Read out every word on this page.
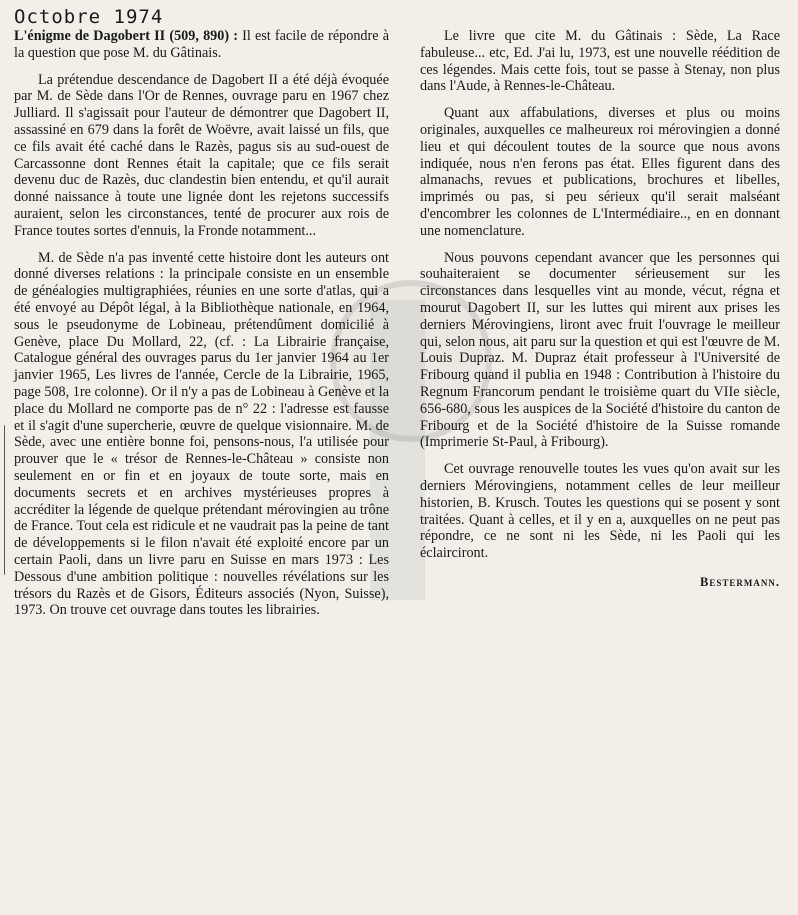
Octobre 1974

L'énigme de Dagobert II (509, 890) : Il est facile de répondre à la question que pose M. du Gâtinais.

La prétendue descendance de Dagobert II a été déjà évoquée par M. de Sède dans l'Or de Rennes, ouvrage paru en 1967 chez Julliard. Il s'agissait pour l'auteur de démontrer que Dagobert II, assassiné en 679 dans la forêt de Woëvre, avait laissé un fils, que ce fils avait été caché dans le Razès, pagus sis au sud-ouest de Carcassonne dont Rennes était la capitale; que ce fils serait devenu duc de Razès, duc clandestin bien entendu, et qu'il aurait donné naissance à toute une lignée dont les rejetons successifs auraient, selon les circonstances, tenté de procurer aux rois de France toutes sortes d'ennuis, la Fronde notamment...

M. de Sède n'a pas inventé cette histoire dont les auteurs ont donné diverses relations : la principale consiste en un ensemble de généalogies multigraphiées, réunies en une sorte d'atlas, qui a été envoyé au Dépôt légal, à la Bibliothèque nationale, en 1964, sous le pseudonyme de Lobineau, prétendûment domicilié à Genève, place Du Mollard, 22, (cf. : La Librairie française, Catalogue général des ouvrages parus du 1er janvier 1964 au 1er janvier 1965, Les livres de l'année, Cercle de la Librairie, 1965, page 508, 1re colonne). Or il n'y a pas de Lobineau à Genève et la place du Mollard ne comporte pas de n° 22 : l'adresse est fausse et il s'agit d'une supercherie, œuvre de quelque visionnaire. M. de Sède, avec une entière bonne foi, pensons-nous, l'a utilisée pour prouver que le « trésor de Rennes-le-Château » consiste non seulement en or fin et en joyaux de toute sorte, mais en documents secrets et en archives mystérieuses propres à accréditer la légende de quelque prétendant mérovingien au trône de France. Tout cela est ridicule et ne vaudrait pas la peine de tant de développements si le filon n'avait été exploité encore par un certain Paoli, dans un livre paru en Suisse en mars 1973 : Les Dessous d'une ambition politique : nouvelles révélations sur les trésors du Razès et de Gisors, Éditeurs associés (Nyon, Suisse), 1973. On trouve cet ouvrage dans toutes les librairies.

Le livre que cite M. du Gâtinais : Sède, La Race fabuleuse... etc, Ed. J'ai lu, 1973, est une nouvelle réédition de ces légendes. Mais cette fois, tout se passe à Stenay, non plus dans l'Aude, à Rennes-le-Château.

Quant aux affabulations, diverses et plus ou moins originales, auxquelles ce malheureux roi mérovingien a donné lieu et qui découlent toutes de la source que nous avons indiquée, nous n'en ferons pas état. Elles figurent dans des almanachs, revues et publications, brochures et libelles, imprimés ou pas, si peu sérieux qu'il serait malséant d'encombrer les colonnes de L'Intermédiaire.., en en donnant une nomenclature.

Nous pouvons cependant avancer que les personnes qui souhaiteraient se documenter sérieusement sur les circonstances dans lesquelles vint au monde, vécut, régna et mourut Dagobert II, sur les luttes qui mirent aux prises les derniers Mérovingiens, liront avec fruit l'ouvrage le meilleur qui, selon nous, ait paru sur la question et qui est l'œuvre de M. Louis Dupraz. M. Dupraz était professeur à l'Université de Fribourg quand il publia en 1948 : Contribution à l'histoire du Regnum Francorum pendant le troisième quart du VIIe siècle, 656-680, sous les auspices de la Société d'histoire du canton de Fribourg et de la Société d'histoire de la Suisse romande (Imprimerie St-Paul, à Fribourg).

Cet ouvrage renouvelle toutes les vues qu'on avait sur les derniers Mérovingiens, notamment celles de leur meilleur historien, B. Krusch. Toutes les questions qui se posent y sont traitées. Quant à celles, et il y en a, auxquelles on ne peut pas répondre, ce ne sont ni les Sède, ni les Paoli qui les éclairciront.

Bestermann.
